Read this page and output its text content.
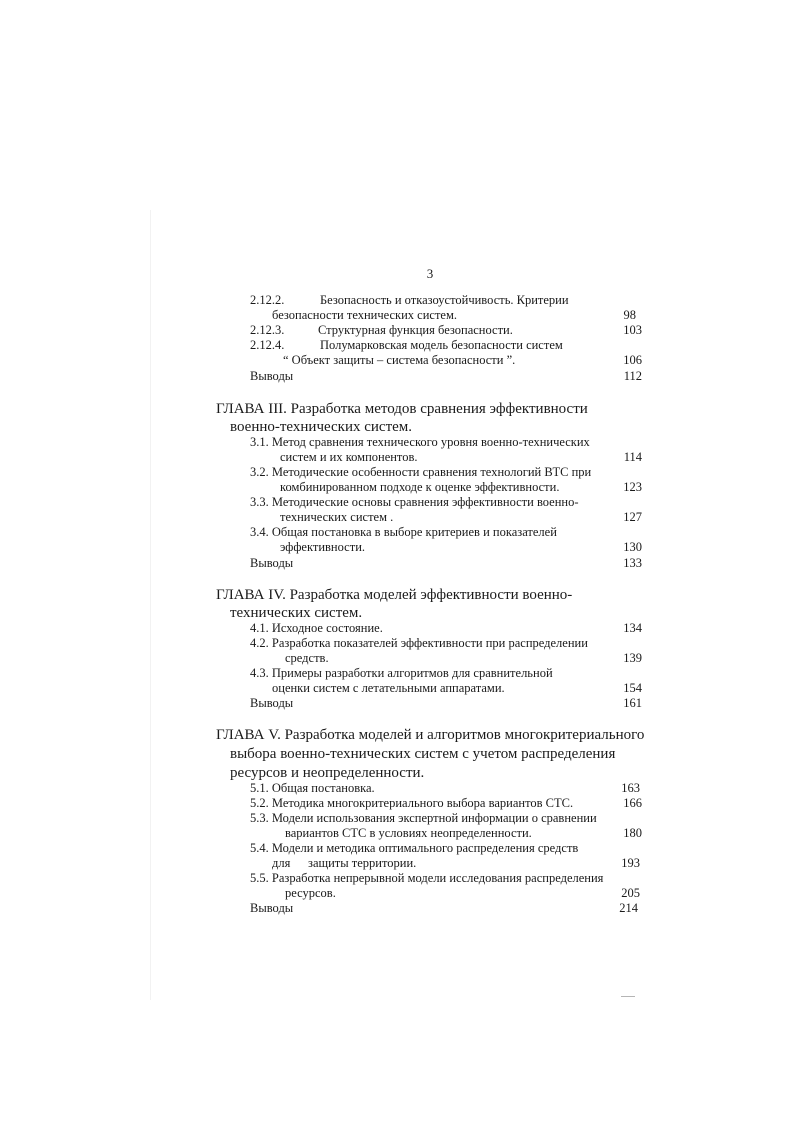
3
2.12.2.	Безопасность и отказоустойчивость. Критерии
безопасности технических систем.	98
2.12.3.	Структурная функция безопасности.	103
2.12.4.	Полумарковская модель безопасности систем
“ Объект защиты – система безопасности ”.	106
Выводы	112
ГЛАВА III. Разработка методов сравнения эффективности
военно-технических систем.
3.1. Метод сравнения технического уровня военно-технических
систем и их компонентов.	114
3.2. Методические особенности сравнения технологий ВТС при
комбинированном подходе к оценке эффективности.	123
3.3. Методические основы сравнения эффективности военно-
технических систем .	127
3.4. Общая постановка в выборе критериев и показателей
эффективности.	130
Выводы	133
ГЛАВА IV. Разработка моделей эффективности военно-
технических систем.
4.1. Исходное состояние.	134
4.2. Разработка показателей эффективности при распределении
средств.	139
4.3. Примеры разработки алгоритмов для сравнительной
оценки систем с летательными аппаратами.	154
Выводы	161
ГЛАВА V. Разработка моделей и алгоритмов многокритериального
выбора военно-технических систем с учетом распределения
ресурсов и неопределенности.
5.1. Общая постановка.	163
5.2. Методика многокритериального выбора вариантов СТС.	166
5.3. Модели использования экспертной информации о сравнении
вариантов СТС в условиях неопределенности.	180
5.4. Модели и методика оптимального распределения средств
для защиты территории.	193
5.5. Разработка непрерывной модели исследования распределения
ресурсов.	205
Выводы	214
